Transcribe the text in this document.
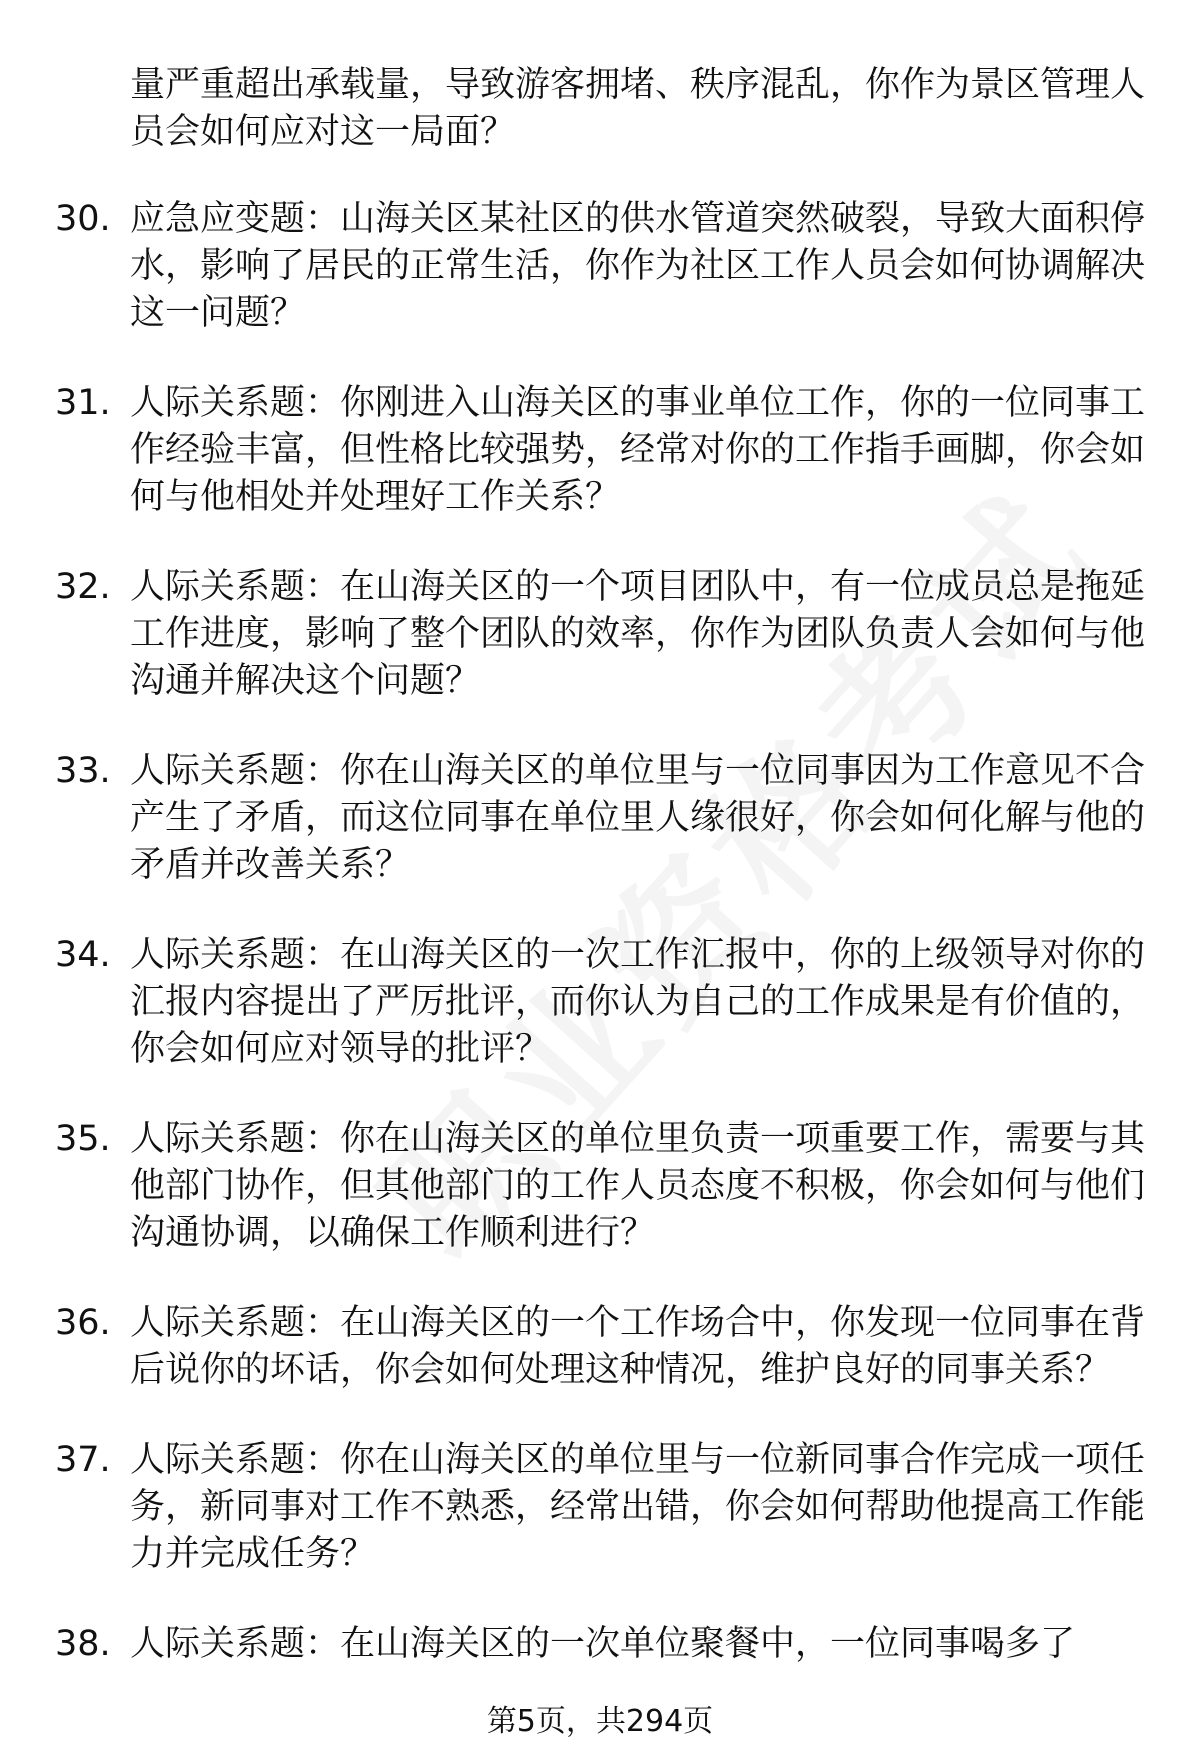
量严重超出承载量，导致游客拥堵、秩序混乱，你作为景区管理人员会如何应对这一局面？
30. 应急应变题：山海关区某社区的供水管道突然破裂，导致大面积停水，影响了居民的正常生活，你作为社区工作人员会如何协调解决这一问题？
31. 人际关系题：你刚进入山海关区的事业单位工作，你的一位同事工作经验丰富，但性格比较强势，经常对你的工作指手画脚，你会如何与他相处并处理好工作关系？
32. 人际关系题：在山海关区的一个项目团队中，有一位成员总是拖延工作进度，影响了整个团队的效率，你作为团队负责人会如何与他沟通并解决这个问题？
33. 人际关系题：你在山海关区的单位里与一位同事因为工作意见不合产生了矛盾，而这位同事在单位里人缘很好，你会如何化解与他的矛盾并改善关系？
34. 人际关系题：在山海关区的一次工作汇报中，你的上级领导对你的汇报内容提出了严厉批评，而你认为自己的工作成果是有价值的，你会如何应对领导的批评？
35. 人际关系题：你在山海关区的单位里负责一项重要工作，需要与其他部门协作，但其他部门的工作人员态度不积极，你会如何与他们沟通协调，以确保工作顺利进行？
36. 人际关系题：在山海关区的一个工作场合中，你发现一位同事在背后说你的坏话，你会如何处理这种情况，维护良好的同事关系？
37. 人际关系题：你在山海关区的单位里与一位新同事合作完成一项任务，新同事对工作不熟悉，经常出错，你会如何帮助他提高工作能力并完成任务？
38. 人际关系题：在山海关区的一次单位聚餐中，一位同事喝多了
第5页，共294页
